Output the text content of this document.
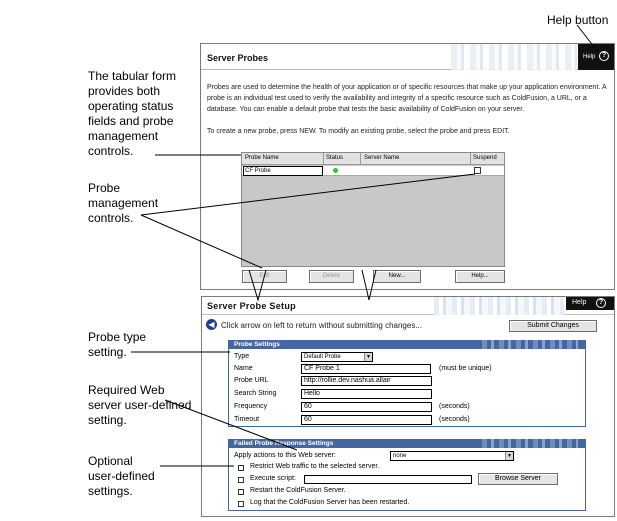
Help button
The tabular form
provides both
operating status
fields and probe
management
controls.
Probe
management
controls.
Probe type
setting.
Required Web
server user-defined
setting.
Optional
user-defined
settings.
Server Probes	Help ?
Probes are used to determine the health of your application or of specific resources that make up your application environment. A probe is an individual test used to verify the availability and integrity of a specific resource such as ColdFusion, a URL, or a database. You can enable a default probe that tests the basic availability of ColdFusion on your server.
To create a new probe, press NEW. To modify an existing probe, select the probe and press EDIT.
Probe Name	Status	Server Name	Suspend
CF Probe
Edit	Delete	New...	Help...
Server Probe Setup	Help	?
◀ Click arrow on left to return without submitting changes...	Submit Changes
Probe Settings
Type	Default Probe	▼
Name	CF Probe 1	(must be unique)
Probe URL	http://rollie.dev.nashua.allair
Search String	Hello
Frequency	60	(seconds)
Timeout	60	(seconds)
Failed Probe Response Settings
Apply actions to this Web server:	none	▼
Restrict Web traffic to the selected server.
Execute script:	Browse Server
Restart the ColdFusion Server.
Log that the ColdFusion Server has been restarted.
